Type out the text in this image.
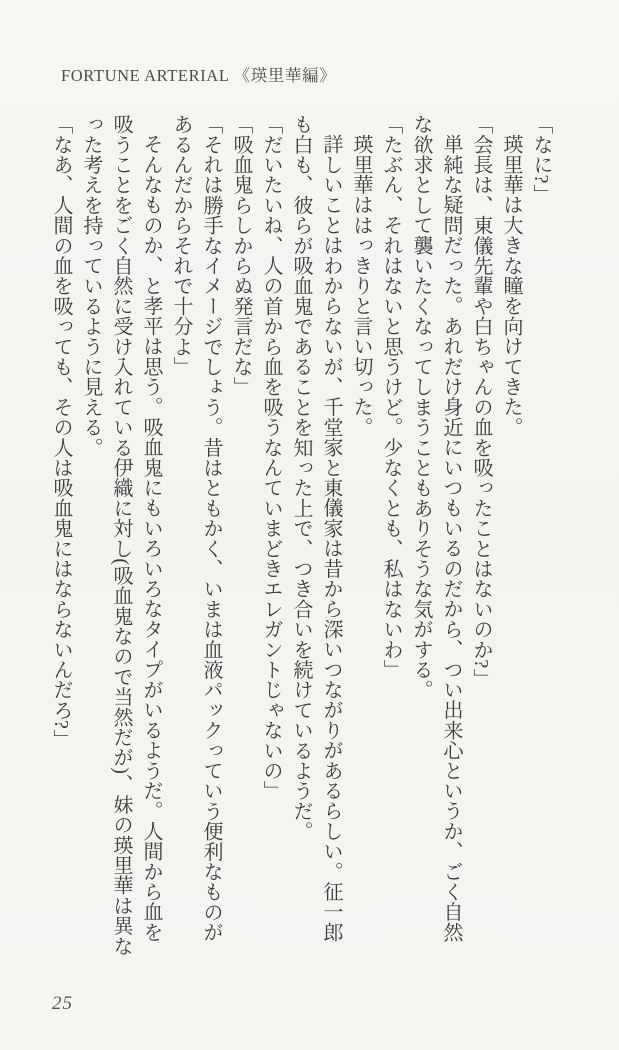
FORTUNE ARTERIAL 《瑛里華編》

「なに?」

瑛里華は大きな瞳を向けてきた。

「会長は、東儀先輩や白ちゃんの血を吸ったことはないのか?」

単純な疑問だった。あれだけ身近にいつもいるのだから、つい出来心というか、ごく自然な欲求として襲いたくなってしまうこともありそうな気がする。

「たぶん、それはないと思うけど。少なくとも、私はないわ」

瑛里華ははっきりと言い切った。

詳しいことはわからないが、千堂家と東儀家は昔から深いつながりがあるらしい。征一郎も白も、彼らが吸血鬼であることを知った上で、つき合いを続けているようだ。

「だいたいね、人の首から血を吸うなんていまどきエレガントじゃないの」

「吸血鬼らしからぬ発言だな」

「それは勝手なイメージでしょう。昔はともかく、いまは血液パックっていう便利なものがあるんだからそれで十分よ」

そんなものか、と孝平は思う。吸血鬼にもいろいろなタイプがいるようだ。人間から血を吸うことをごく自然に受け入れている伊織に対し(吸血鬼なので当然だが)、妹の瑛里華は異なった考えを持っているように見える。

「なあ、人間の血を吸っても、その人は吸血鬼にはならないんだろ?」

25
